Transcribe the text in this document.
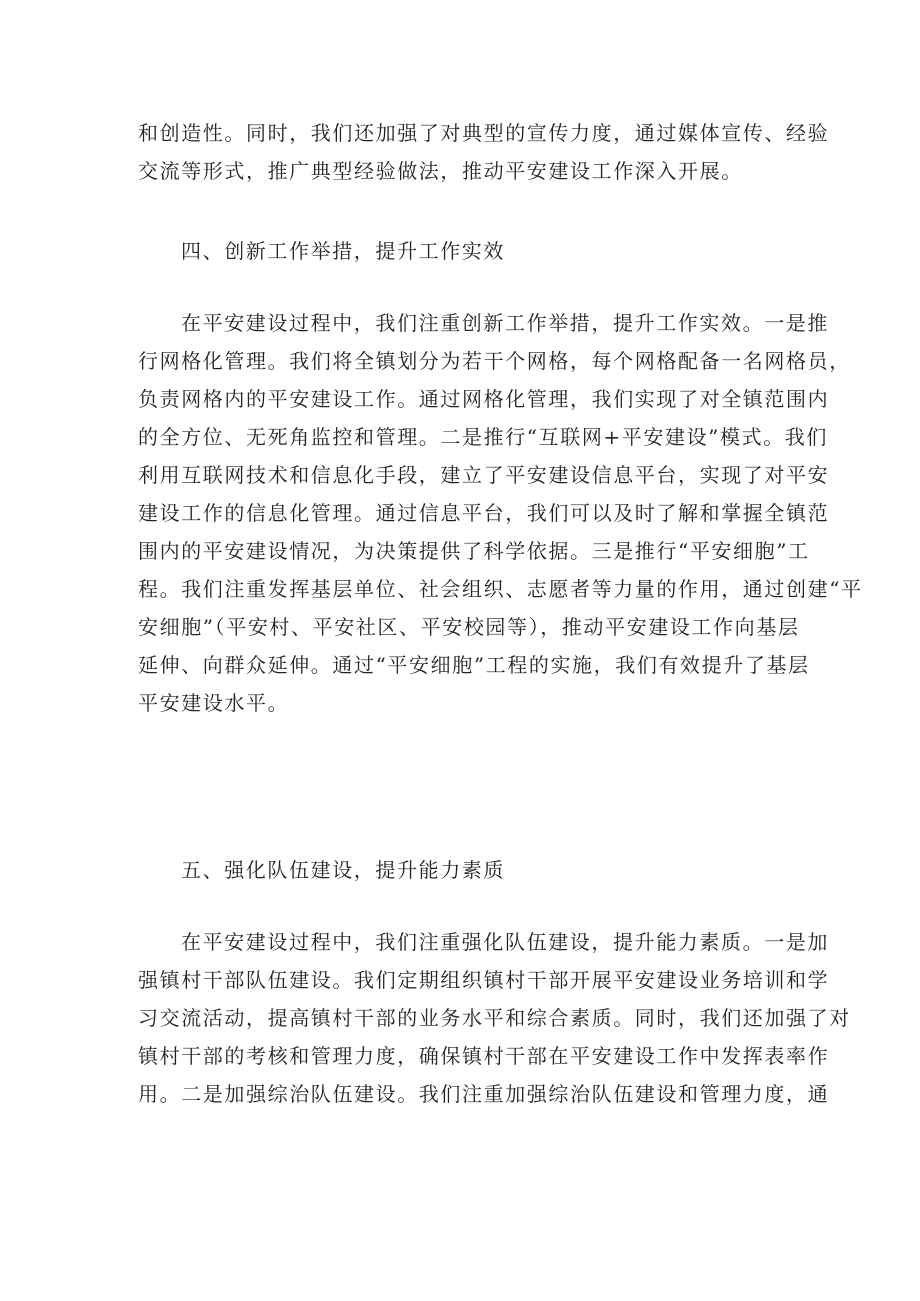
和创造性。同时，我们还加强了对典型的宣传力度，通过媒体宣传、经验
交流等形式，推广典型经验做法，推动平安建设工作深入开展。
四、创新工作举措，提升工作实效
在平安建设过程中，我们注重创新工作举措，提升工作实效。一是推
行网格化管理。我们将全镇划分为若干个网格，每个网格配备一名网格员，
负责网格内的平安建设工作。通过网格化管理，我们实现了对全镇范围内
的全方位、无死角监控和管理。二是推行“互联网+平安建设”模式。我们
利用互联网技术和信息化手段，建立了平安建设信息平台，实现了对平安
建设工作的信息化管理。通过信息平台，我们可以及时了解和掌握全镇范
围内的平安建设情况，为决策提供了科学依据。三是推行“平安细胞”工
程。我们注重发挥基层单位、社会组织、志愿者等力量的作用，通过创建“平
安细胞”（平安村、平安社区、平安校园等），推动平安建设工作向基层
延伸、向群众延伸。通过“平安细胞”工程的实施，我们有效提升了基层
平安建设水平。
五、强化队伍建设，提升能力素质
在平安建设过程中，我们注重强化队伍建设，提升能力素质。一是加
强镇村干部队伍建设。我们定期组织镇村干部开展平安建设业务培训和学
习交流活动，提高镇村干部的业务水平和综合素质。同时，我们还加强了对
镇村干部的考核和管理力度，确保镇村干部在平安建设工作中发挥表率作
用。二是加强综治队伍建设。我们注重加强综治队伍建设和管理力度，通
